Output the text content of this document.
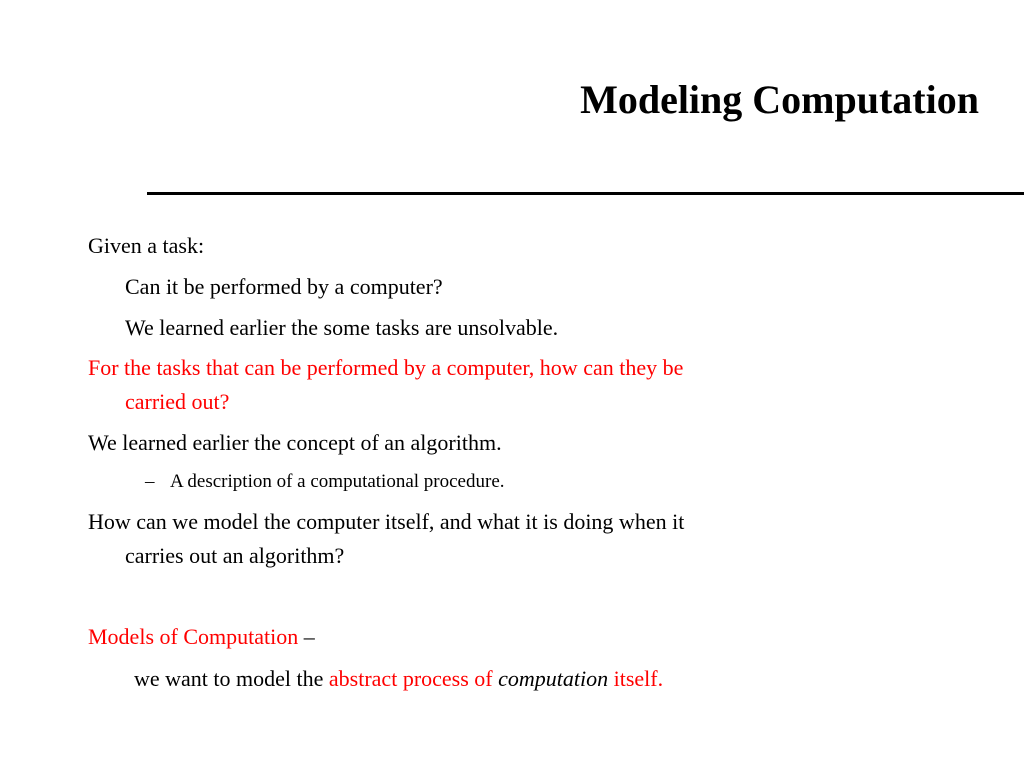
Modeling Computation
Given a task:
Can it be performed by a computer?
We learned earlier the some tasks are unsolvable.
For the tasks that can be performed by a computer, how can they be
carried out?
We learned earlier the concept of an algorithm.
– A description of a computational procedure.
How can we model the computer itself, and what it is doing when it
carries out an algorithm?
Models of Computation –
we want to model the abstract process of computation itself.
